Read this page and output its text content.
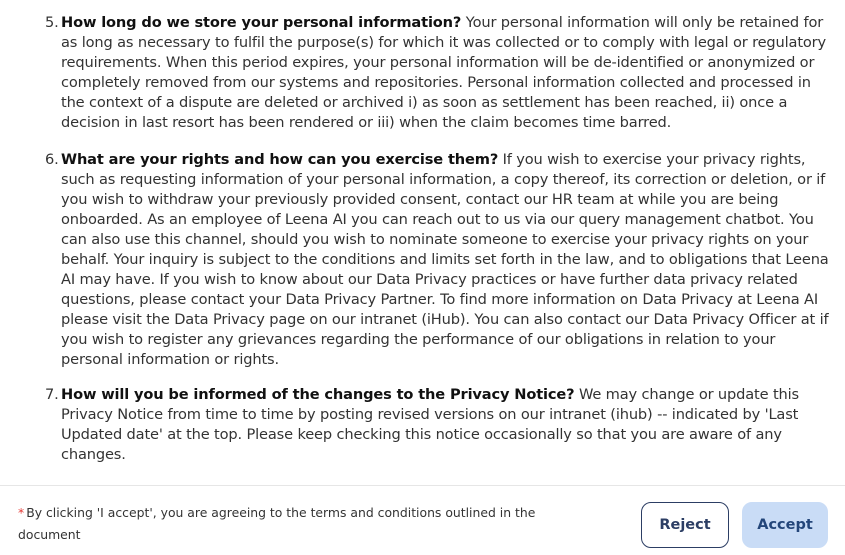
5. How long do we store your personal information? Your personal information will only be retained for as long as necessary to fulfil the purpose(s) for which it was collected or to comply with legal or regulatory requirements. When this period expires, your personal information will be de-identified or anonymized or completely removed from our systems and repositories. Personal information collected and processed in the context of a dispute are deleted or archived i) as soon as settlement has been reached, ii) once a decision in last resort has been rendered or iii) when the claim becomes time barred.
6. What are your rights and how can you exercise them? If you wish to exercise your privacy rights, such as requesting information of your personal information, a copy thereof, its correction or deletion, or if you wish to withdraw your previously provided consent, contact our HR team at while you are being onboarded. As an employee of Leena AI you can reach out to us via our query management chatbot. You can also use this channel, should you wish to nominate someone to exercise your privacy rights on your behalf. Your inquiry is subject to the conditions and limits set forth in the law, and to obligations that Leena AI may have. If you wish to know about our Data Privacy practices or have further data privacy related questions, please contact your Data Privacy Partner. To find more information on Data Privacy at Leena AI please visit the Data Privacy page on our intranet (iHub). You can also contact our Data Privacy Officer at if you wish to register any grievances regarding the performance of our obligations in relation to your personal information or rights.
7. How will you be informed of the changes to the Privacy Notice? We may change or update this Privacy Notice from time to time by posting revised versions on our intranet (ihub) -- indicated by 'Last Updated date' at the top. Please keep checking this notice occasionally so that you are aware of any changes.
* By clicking 'I accept', you are agreeing to the terms and conditions outlined in the document
Reject	Accept
